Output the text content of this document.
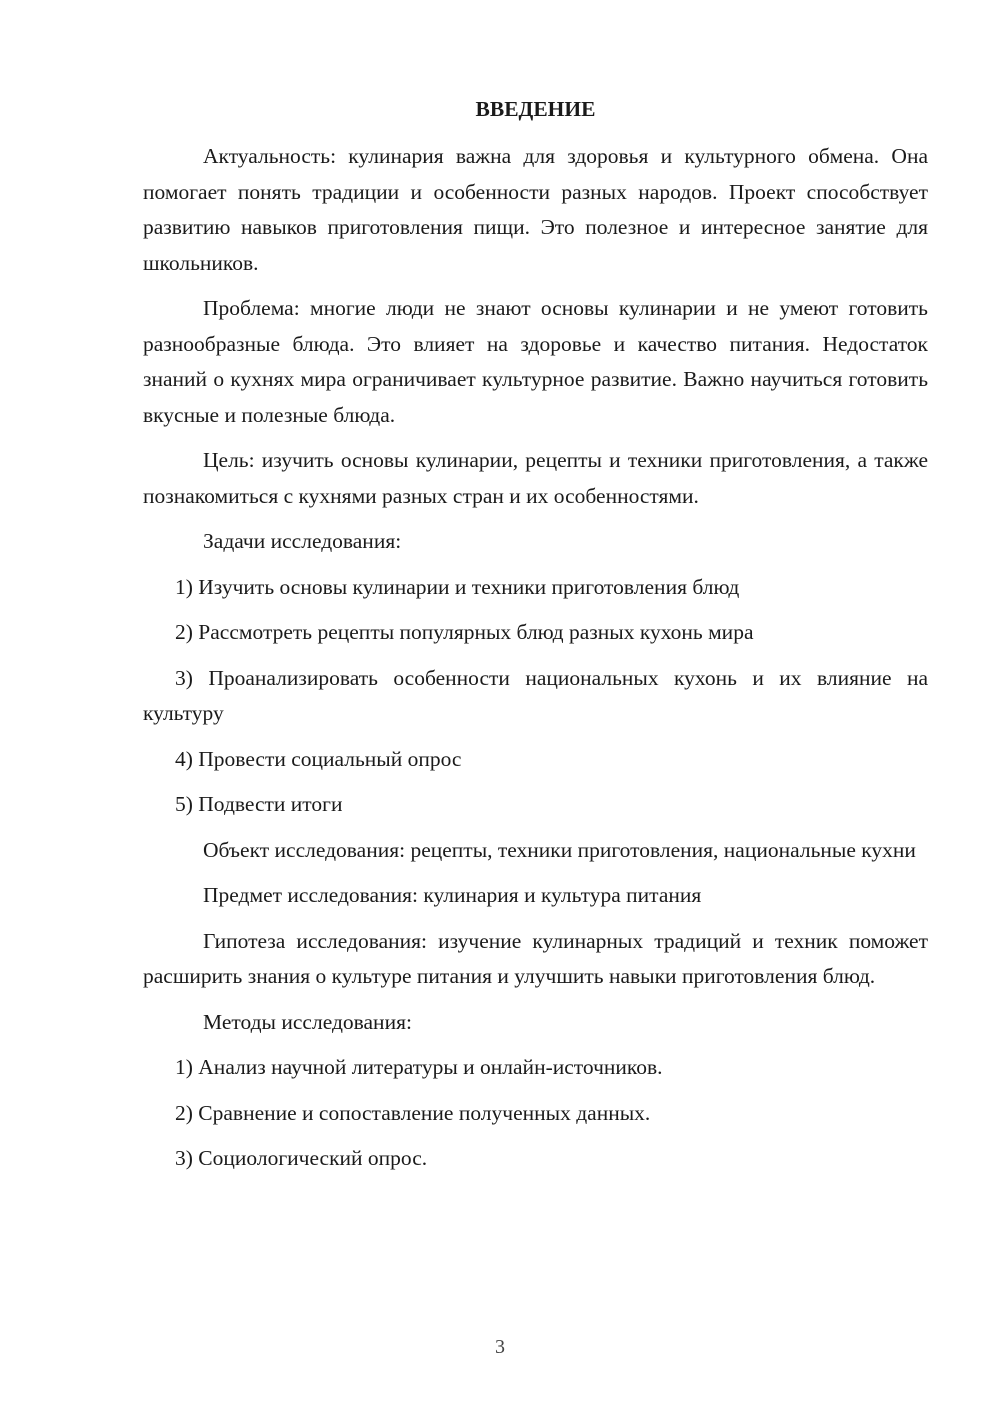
ВВЕДЕНИЕ

Актуальность: кулинария важна для здоровья и культурного обмена. Она помогает понять традиции и особенности разных народов. Проект способствует развитию навыков приготовления пищи. Это полезное и интересное занятие для школьников.

Проблема: многие люди не знают основы кулинарии и не умеют готовить разнообразные блюда. Это влияет на здоровье и качество питания. Недостаток знаний о кухнях мира ограничивает культурное развитие. Важно научиться готовить вкусные и полезные блюда.

Цель: изучить основы кулинарии, рецепты и техники приготовления, а также познакомиться с кухнями разных стран и их особенностями.

Задачи исследования:

1) Изучить основы кулинарии и техники приготовления блюд

2) Рассмотреть рецепты популярных блюд разных кухонь мира

3) Проанализировать особенности национальных кухонь и их влияние на культуру

4) Провести социальный опрос

5) Подвести итоги

Объект исследования: рецепты, техники приготовления, национальные кухни

Предмет исследования: кулинария и культура питания

Гипотеза исследования: изучение кулинарных традиций и техник поможет расширить знания о культуре питания и улучшить навыки приготовления блюд.

Методы исследования:

1) Анализ научной литературы и онлайн-источников.

2) Сравнение и сопоставление полученных данных.

3) Социологический опрос.

3
